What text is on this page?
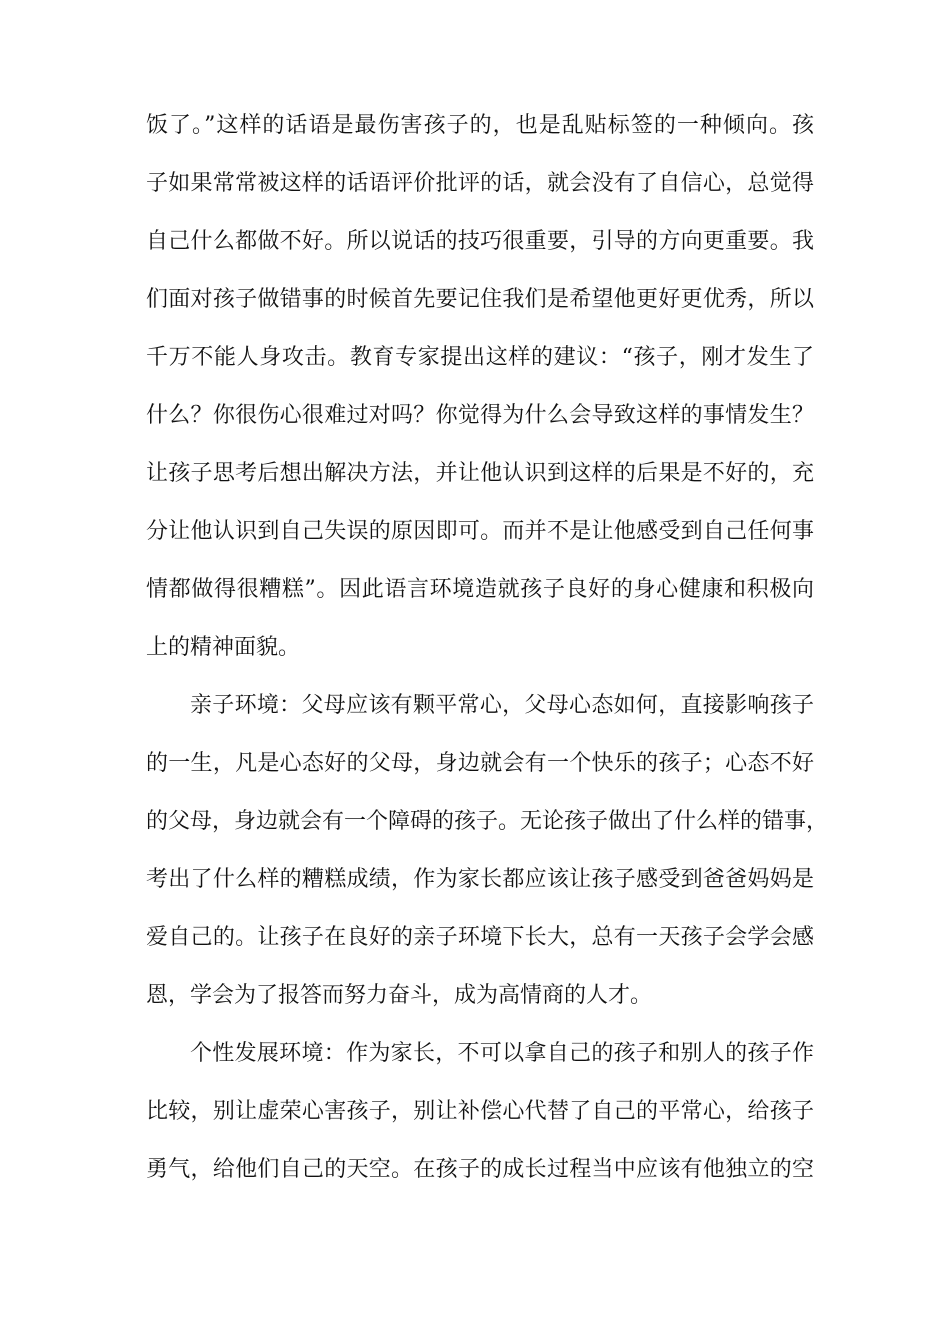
饭了。”这样的话语是最伤害孩子的，也是乱贴标签的一种倾向。孩
子如果常常被这样的话语评价批评的话，就会没有了自信心，总觉得
自己什么都做不好。所以说话的技巧很重要，引导的方向更重要。我
们面对孩子做错事的时候首先要记住我们是希望他更好更优秀，所以
千万不能人身攻击。教育专家提出这样的建议：“孩子，刚才发生了
什么？你很伤心很难过对吗？你觉得为什么会导致这样的事情发生？
让孩子思考后想出解决方法，并让他认识到这样的后果是不好的，充
分让他认识到自己失误的原因即可。而并不是让他感受到自己任何事
情都做得很糟糕”。因此语言环境造就孩子良好的身心健康和积极向
上的精神面貌。
亲子环境：父母应该有颗平常心，父母心态如何，直接影响孩子
的一生，凡是心态好的父母，身边就会有一个快乐的孩子；心态不好
的父母，身边就会有一个障碍的孩子。无论孩子做出了什么样的错事，
考出了什么样的糟糕成绩，作为家长都应该让孩子感受到爸爸妈妈是
爱自己的。让孩子在良好的亲子环境下长大，总有一天孩子会学会感
恩，学会为了报答而努力奋斗，成为高情商的人才。
个性发展环境：作为家长，不可以拿自己的孩子和别人的孩子作
比较，别让虚荣心害孩子，别让补偿心代替了自己的平常心，给孩子
勇气，给他们自己的天空。在孩子的成长过程当中应该有他独立的空
